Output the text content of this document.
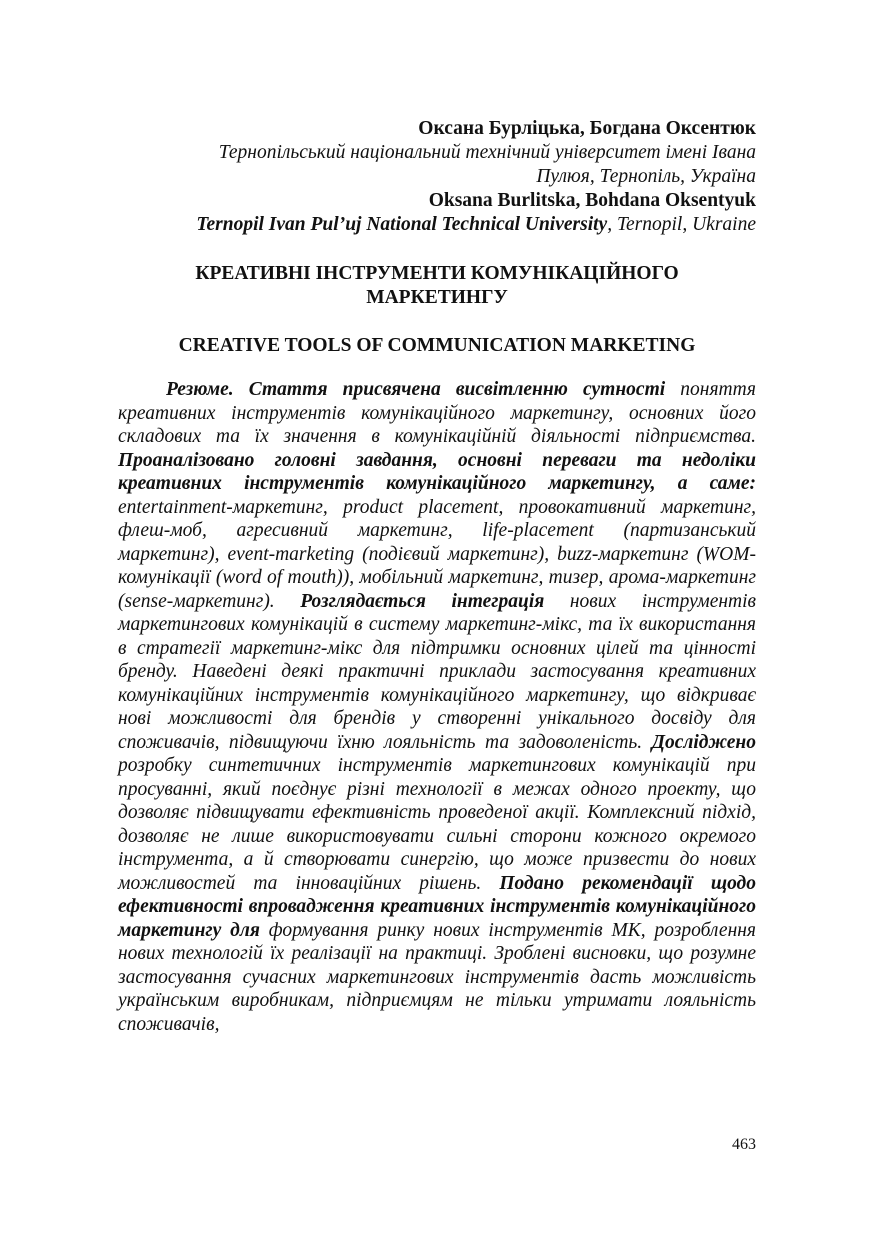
Оксана Бурліцька, Богдана Оксентюк
Тернопільський національний технічний університет імені Івана
Пулюя, Тернопіль, Україна
Oksana Burlitska, Bohdana Oksentyuk
Ternopil Ivan Pul’uj National Technical University, Ternopil, Ukraine
КРЕАТИВНІ ІНСТРУМЕНТИ КОМУНІКАЦІЙНОГО
МАРКЕТИНГУ
CREATIVE TOOLS OF COMMUNICATION MARKETING
Резюме. Стаття присвячена висвітленню сутності поняття креативних інструментів комунікаційного маркетингу, основних його складових та їх значення в комунікаційній діяльності підприємства. Проаналізовано головні завдання, основні переваги та недоліки креативних інструментів комунікаційного маркетингу, а саме: entertainment-маркетинг, product placement, провокативний маркетинг, флеш-моб, агресивний маркетинг, life-placement (партизанський маркетинг), event-marketing (подієвий маркетинг), buzz-маркетинг (WOM-комунікації (word of mouth)), мобільний маркетинг, тизер, арома-маркетинг (sense-маркетинг). Розглядається інтеграція нових інструментів маркетингових комунікацій в систему маркетинг-мікс, та їх використання в стратегії маркетинг-мікс для підтримки основних цілей та цінності бренду. Наведені деякі практичні приклади застосування креативних комунікаційних інструментів комунікаційного маркетингу, що відкриває нові можливості для брендів у створенні унікального досвіду для споживачів, підвищуючи їхню лояльність та задоволеність. Досліджено розробку синтетичних інструментів маркетингових комунікацій при просуванні, який поєднує різні технології в межах одного проекту, що дозволяє підвищувати ефективність проведеної акції. Комплексний підхід, дозволяє не лише використовувати сильні сторони кожного окремого інструмента, а й створювати синергію, що може призвести до нових можливостей та інноваційних рішень. Подано рекомендації щодо ефективності впровадження креативних інструментів комунікаційного маркетингу для формування ринку нових інструментів МК, розроблення нових технологій їх реалізації на практиці. Зроблені висновки, що розумне застосування сучасних маркетингових інструментів дасть можливість українським виробникам, підприємцям не тільки утримати лояльність споживачів,
463
